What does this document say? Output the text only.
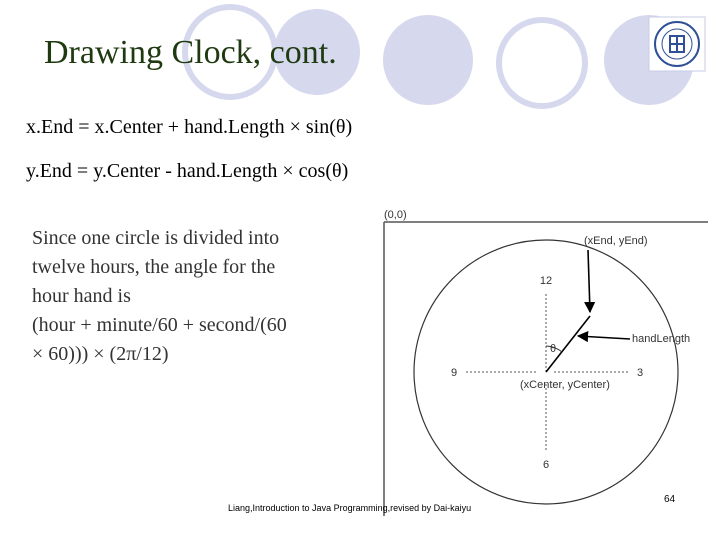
Drawing Clock, cont.
x.End = x.Center + hand.Length × sin(θ)
y.End = y.Center - hand.Length × cos(θ)
Since one circle is divided into
twelve hours, the angle for the
hour hand is
(hour + minute/60 + second/(60
× 60))) × (2π/12)
(0,0)
12
3
6
9
θ
(xEnd, yEnd)
handLength
(xCenter, yCenter)
Liang,Introduction to Java Programming,revised by Dai-kaiyu
64
